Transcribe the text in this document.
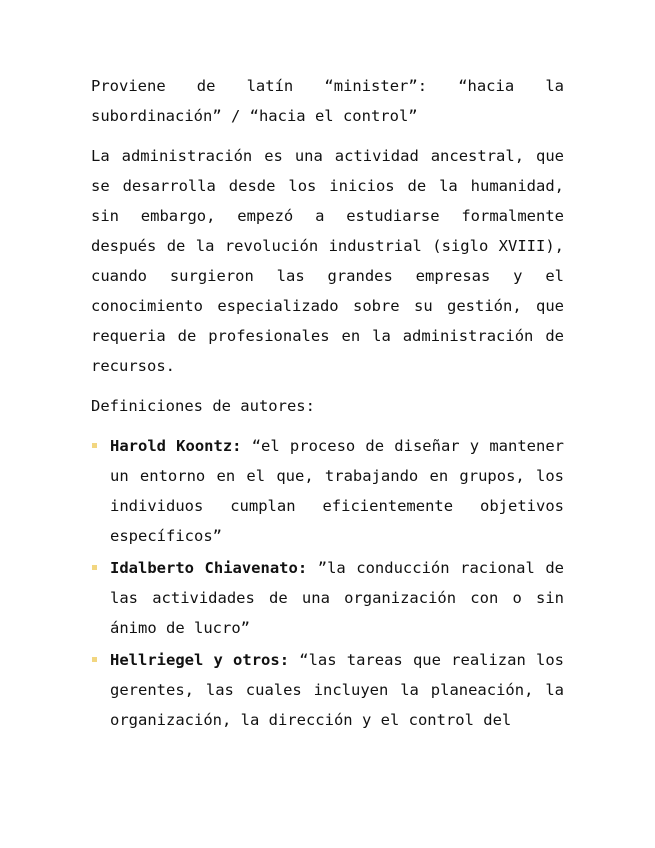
Proviene de latín “minister”: “hacia la subordinación” / “hacia el control”

La administración es una actividad ancestral, que se desarrolla desde los inicios de la humanidad, sin embargo, empezó a estudiarse formalmente después de la revolución industrial (siglo XVIII), cuando surgieron las grandes empresas y el conocimiento especializado sobre su gestión, que requeria de profesionales en la administración de recursos.

Definiciones de autores:

Harold Koontz: “el proceso de diseñar y mantener un entorno en el que, trabajando en grupos, los individuos cumplan eficientemente objetivos específicos”
Idalberto Chiavenato: ”la conducción racional de las actividades de una organización con o sin ánimo de lucro”
Hellriegel y otros: “las tareas que realizan los gerentes, las cuales incluyen la planeación, la organización, la dirección y el control del
